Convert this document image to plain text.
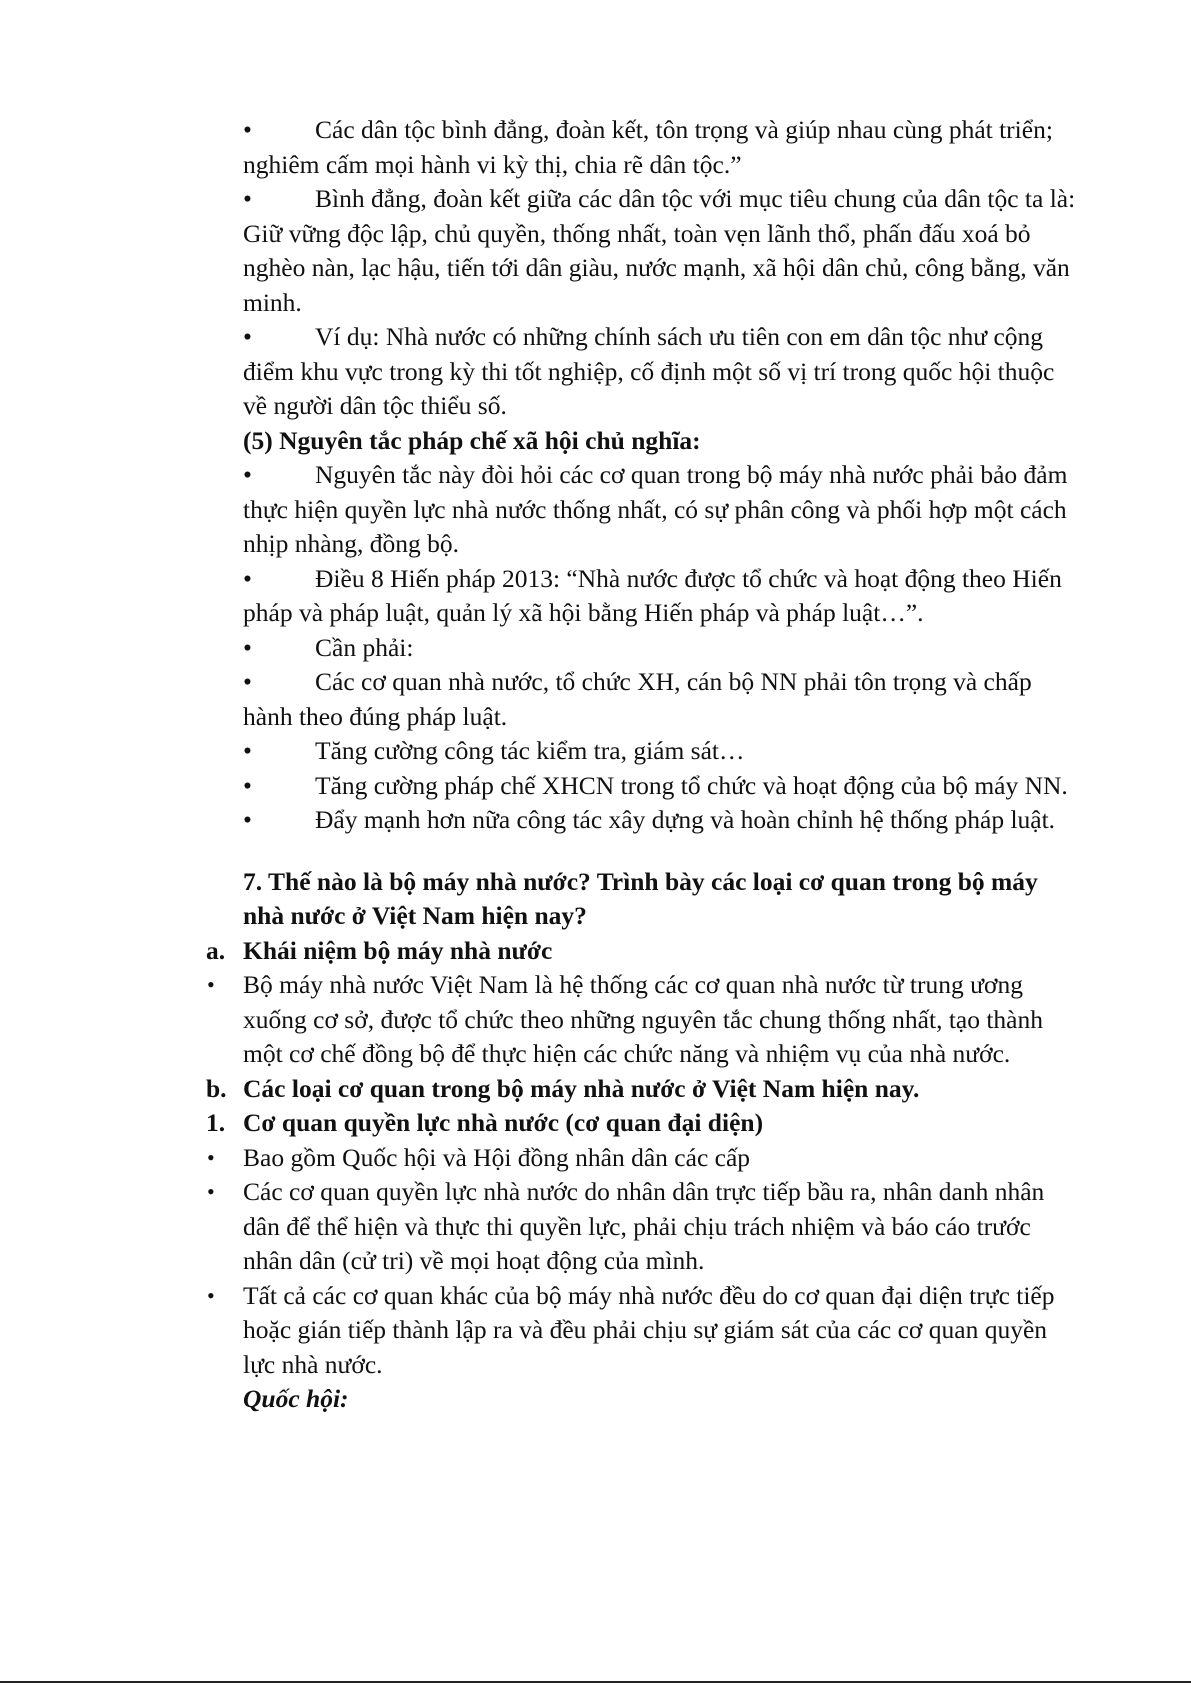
•	Các dân tộc bình đẳng, đoàn kết, tôn trọng và giúp nhau cùng phát triển; nghiêm cấm mọi hành vi kỳ thị, chia rẽ dân tộc.”

•	Bình đẳng, đoàn kết giữa các dân tộc với mục tiêu chung của dân tộc ta là: Giữ vững độc lập, chủ quyền, thống nhất, toàn vẹn lãnh thổ, phấn đấu xoá bỏ nghèo nàn, lạc hậu, tiến tới dân giàu, nước mạnh, xã hội dân chủ, công bằng, văn minh.

•	Ví dụ: Nhà nước có những chính sách ưu tiên con em dân tộc như cộng điểm khu vực trong kỳ thi tốt nghiệp, cố định một số vị trí trong quốc hội thuộc về người dân tộc thiểu số.

(5) Nguyên tắc pháp chế xã hội chủ nghĩa:

•	Nguyên tắc này đòi hỏi các cơ quan trong bộ máy nhà nước phải bảo đảm thực hiện quyền lực nhà nước thống nhất, có sự phân công và phối hợp một cách nhịp nhàng, đồng bộ.

•	Điều 8 Hiến pháp 2013: “Nhà nước được tổ chức và hoạt động theo Hiến pháp và pháp luật, quản lý xã hội bằng Hiến pháp và pháp luật…”.

•	Cần phải:

•	Các cơ quan nhà nước, tổ chức XH, cán bộ NN phải tôn trọng và chấp hành theo đúng pháp luật.

•	Tăng cường công tác kiểm tra, giám sát…

•	Tăng cường pháp chế XHCN trong tổ chức và hoạt động của bộ máy NN.

•	Đẩy mạnh hơn nữa công tác xây dựng và hoàn chỉnh hệ thống pháp luật.

7. Thế nào là bộ máy nhà nước? Trình bày các loại cơ quan trong bộ máy nhà nước ở Việt Nam hiện nay?

a. Khái niệm bộ máy nhà nước

• Bộ máy nhà nước Việt Nam là hệ thống các cơ quan nhà nước từ trung ương xuống cơ sở, được tổ chức theo những nguyên tắc chung thống nhất, tạo thành một cơ chế đồng bộ để thực hiện các chức năng và nhiệm vụ của nhà nước.

b. Các loại cơ quan trong bộ máy nhà nước ở Việt Nam hiện nay.

1. Cơ quan quyền lực nhà nước (cơ quan đại diện)

• Bao gồm Quốc hội và Hội đồng nhân dân các cấp

• Các cơ quan quyền lực nhà nước do nhân dân trực tiếp bầu ra, nhân danh nhân dân để thể hiện và thực thi quyền lực, phải chịu trách nhiệm và báo cáo trước nhân dân (cử tri) về mọi hoạt động của mình.

• Tất cả các cơ quan khác của bộ máy nhà nước đều do cơ quan đại diện trực tiếp hoặc gián tiếp thành lập ra và đều phải chịu sự giám sát của các cơ quan quyền lực nhà nước.

Quốc hội:
